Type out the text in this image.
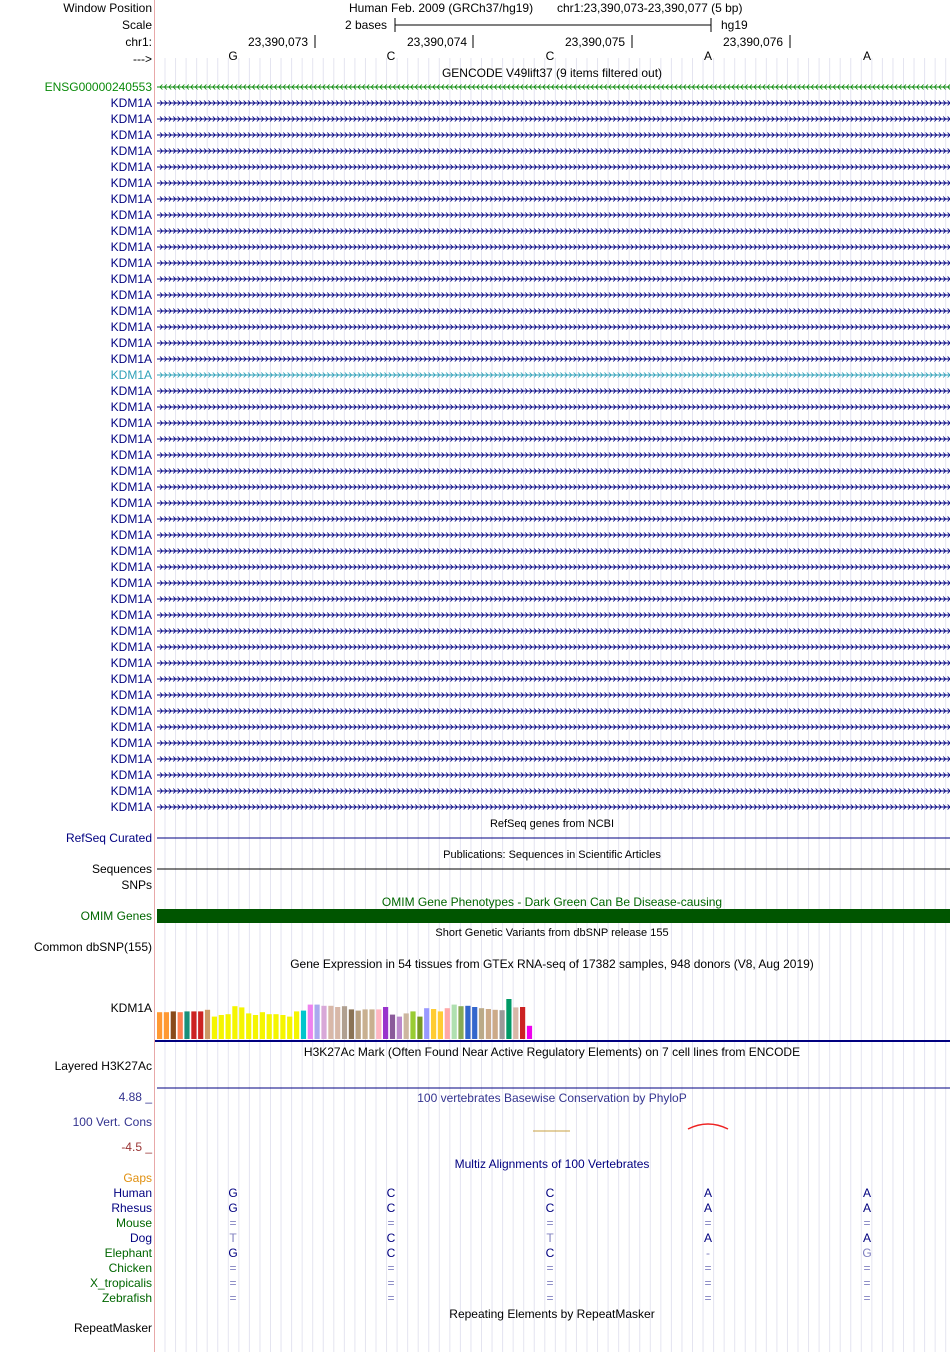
Window Position
Scale
chr1:
--->
Human Feb. 2009 (GRCh37/hg19) chr1:23,390,073-23,390,077 (5 bp)
2 bases	hg19
23,390,073	23,390,074	23,390,075	23,390,076
G	C	C	A	A
GENCODE V49lift37 (9 items filtered out)
ENSG00000240553
KDM1A
KDM1A
KDM1A
KDM1A
KDM1A
KDM1A
KDM1A
KDM1A
KDM1A
KDM1A
KDM1A
KDM1A
KDM1A
KDM1A
KDM1A
KDM1A
KDM1A
KDM1A
KDM1A
KDM1A
KDM1A
KDM1A
KDM1A
KDM1A
KDM1A
KDM1A
KDM1A
KDM1A
KDM1A
KDM1A
KDM1A
KDM1A
KDM1A
KDM1A
KDM1A
KDM1A
KDM1A
KDM1A
KDM1A
KDM1A
KDM1A
KDM1A
KDM1A
KDM1A
KDM1A
RefSeq genes from NCBI
RefSeq Curated
Publications: Sequences in Scientific Articles
Sequences
SNPs
OMIM Gene Phenotypes - Dark Green Can Be Disease-causing
OMIM Genes
Short Genetic Variants from dbSNP release 155
Common dbSNP(155)
Gene Expression in 54 tissues from GTEx RNA-seq of 17382 samples, 948 donors (V8, Aug 2019)
KDM1A
H3K27Ac Mark (Often Found Near Active Regulatory Elements) on 7 cell lines from ENCODE
Layered H3K27Ac
100 vertebrates Basewise Conservation by PhyloP
4.88 _
100 Vert. Cons
-4.5 _
Multiz Alignments of 100 Vertebrates
Gaps
Human	G	C	C	A	A
Rhesus	G	C	C	A	A
Mouse	=	=	=	=	=
Dog	T	C	T	A	A
Elephant	G	C	C	-	G
Chicken	=	=	=	=	=
X_tropicalis	=	=	=	=	=
Zebrafish	=	=	=	=	=
Repeating Elements by RepeatMasker
RepeatMasker
